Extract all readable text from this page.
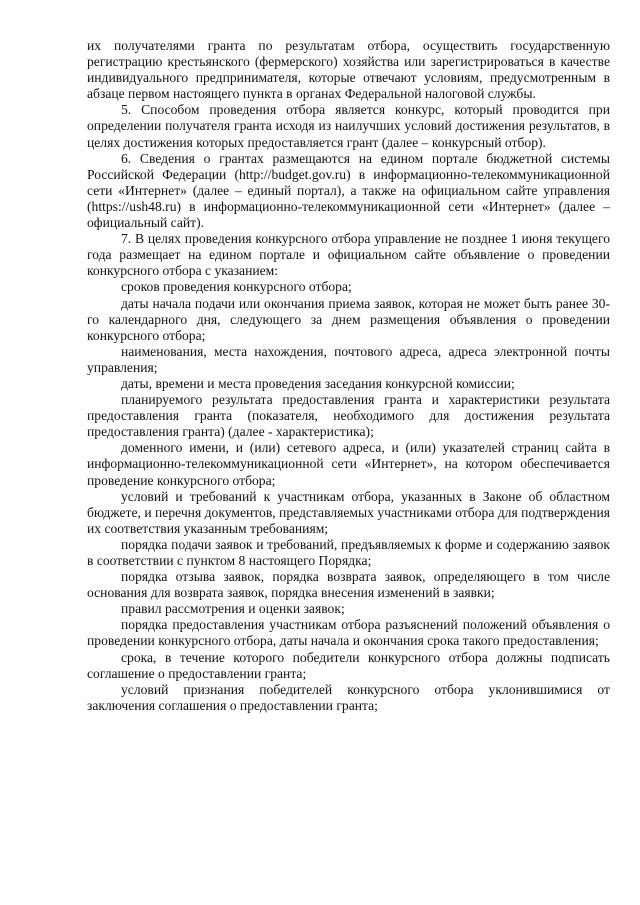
их получателями гранта по результатам отбора, осуществить государственную регистрацию крестьянского (фермерского) хозяйства или зарегистрироваться в качестве индивидуального предпринимателя, которые отвечают условиям, предусмотренным в абзаце первом настоящего пункта в органах Федеральной налоговой службы.

5. Способом проведения отбора является конкурс, который проводится при определении получателя гранта исходя из наилучших условий достижения результатов, в целях достижения которых предоставляется грант (далее – конкурсный отбор).

6. Сведения о грантах размещаются на едином портале бюджетной системы Российской Федерации (http://budget.gov.ru) в информационно-телекоммуникационной сети «Интернет» (далее – единый портал), а также на официальном сайте управления (https://ush48.ru) в информационно-телекоммуникационной сети «Интернет» (далее – официальный сайт).

7. В целях проведения конкурсного отбора управление не позднее 1 июня текущего года размещает на едином портале и официальном сайте объявление о проведении конкурсного отбора с указанием:

сроков проведения конкурсного отбора;

даты начала подачи или окончания приема заявок, которая не может быть ранее 30-го календарного дня, следующего за днем размещения объявления о проведении конкурсного отбора;

наименования, места нахождения, почтового адреса, адреса электронной почты управления;

даты, времени и места проведения заседания конкурсной комиссии;

планируемого результата предоставления гранта и характеристики результата предоставления гранта (показателя, необходимого для достижения результата предоставления гранта) (далее - характеристика);

доменного имени, и (или) сетевого адреса, и (или) указателей страниц сайта в информационно-телекоммуникационной сети «Интернет», на котором обеспечивается проведение конкурсного отбора;

условий и требований к участникам отбора, указанных в Законе об областном бюджете, и перечня документов, представляемых участниками отбора для подтверждения их соответствия указанным требованиям;

порядка подачи заявок и требований, предъявляемых к форме и содержанию заявок в соответствии с пунктом 8 настоящего Порядка;

порядка отзыва заявок, порядка возврата заявок, определяющего в том числе основания для возврата заявок, порядка внесения изменений в заявки;

правил рассмотрения и оценки заявок;

порядка предоставления участникам отбора разъяснений положений объявления о проведении конкурсного отбора, даты начала и окончания срока такого предоставления;

срока, в течение которого победители конкурсного отбора должны подписать соглашение о предоставлении гранта;

условий признания победителей конкурсного отбора уклонившимися от заключения соглашения о предоставлении гранта;
